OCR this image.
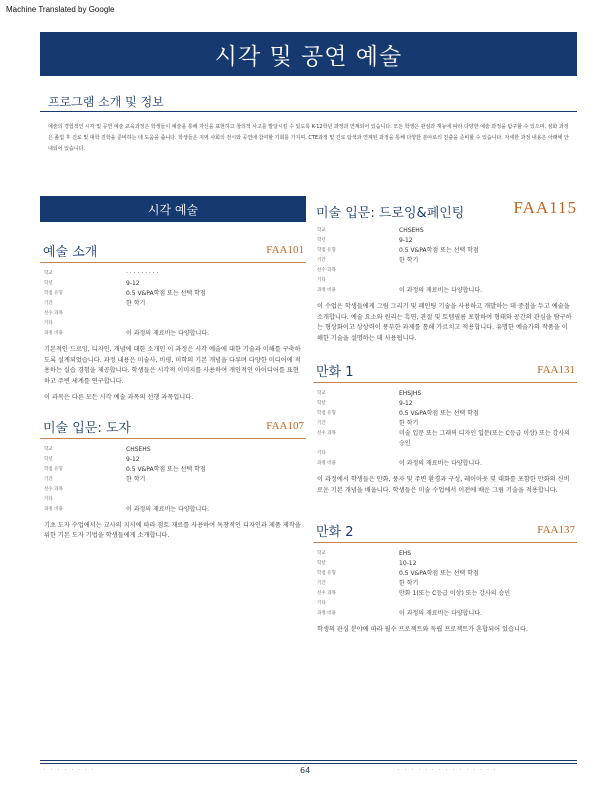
Machine Translated by Google
시각 및 공연 예술
프로그램 소개 및 정보
예술의 경험적인 시각 및 공연 예술 교육과정은 학생들이 예술을 통해 자신을 표현하고 창의적 사고를 발달시킬 수 있도록 K-12학년 과정과 연계되어 있습니다. 모든 학생은 관심과 재능에 따라 다양한 예술 과정을 탐구할 수 있으며, 심화 과정은 졸업 후 진로 및 대학 진학을 준비하는 데 도움을 줍니다. 학생들은 지역 사회의 전시와 공연에 참여할 기회를 가지며, CTE과정 및 진로 탐색과 연계된 과정을 통해 다양한 분야로의 진출을 준비할 수 있습니다. 자세한 과정 내용은 아래에 안내되어 있습니다.
시각 예술
예술 소개	FAA101
학교	· · · · · · · · ·
학년	9-12
학점 유형	0.5 V&PA학점 또는 선택 학점
기간	한 학기
선수 과목
기타
과정 비용	이 과정의 재료비는 다양합니다.
기본적인 드로잉, 디자인, 개념에 대한 소개인 이 과정은 시각 예술에 대한 기술과 이해를 구축하도록 설계되었습니다. 과정 내용은 미술사, 비평, 미학의 기본 개념을 다루며 다양한 미디어에 적용하는 실습 경험을 제공합니다. 학생들은 시각적 이미지를 사용하여 개인적인 아이디어를 표현하고 주변 세계를 연구합니다.
이 과목은 다른 모든 시각 예술 과목의 선행 과목입니다.
미술 입문: 도자	FAA107
학교	CHSEHS
학년	9-12
학점 유형	0.5 V&PA학점 또는 선택 학점
기간	한 학기
선수 과목
기타
과정 비용	이 과정의 재료비는 다양합니다.
기초 도자 수업에서는 교사의 지시에 따라 점토 재료를 사용하여 독창적인 디자인과 제품 제작을 위한 기본 도자 기법을 학생들에게 소개합니다.
미술 입문: 드로잉&페인팅	FAA115
학교	CHSEHS
학년	9-12
학점 유형	0.5 V&PA학점 또는 선택 학점
기간	한 학기
선수 과목
기타
과정 비용	이 과정의 재료비는 다양합니다.
이 수업은 학생들에게 그림 그리기 및 페인팅 기술을 사용하고 개발하는 데 중점을 두고 예술을 소개합니다. 예술 요소와 원리는 흑연, 관절 및 토템필름 포함하여 형태와 공간의 관심을 탐구하는 형상화이고 상상력이 풍부한 과제를 통해 가르치고 적용합니다. 유명한 예술가의 작품을 이해한 기술을 설명하는 데 사용됩니다.
만화 1	FAA131
학교	EHSJHS
학년	9-12
학점 유형	0.5 V&PA학점 또는 선택 학점
기간	한 학기
선수 과목	미술 입문 또는 그래픽 디자인 입문(또는 C등급 이상) 또는 강사의 승인
기타
과정 비용	이 과정의 재료비는 다양합니다.
이 과정에서 학생들은 만화, 풍자 및 주변 환경과 구성, 레이아웃 및 대화를 포함한 만화의 신비로운 기본 개념을 배웁니다. 학생들은 미술 수업에서 이전에 배운 그림 기술을 적용합니다.
만화 2	FAA137
학교	EHS
학년	10-12
학점 유형	0.5 V&PA학점 또는 선택 학점
기간	한 학기
선수 과목	만화 1(또는 C등급 이상) 또는 강사의 승인
기타
과정 비용	이 과정의 재료비는 다양합니다.
학생의 관심 분야에 따라 필수 프로젝트와 독립 프로젝트가 혼합되어 있습니다.
· · · · · · · ·	64	· · · · · · · · · · · · · · ·
